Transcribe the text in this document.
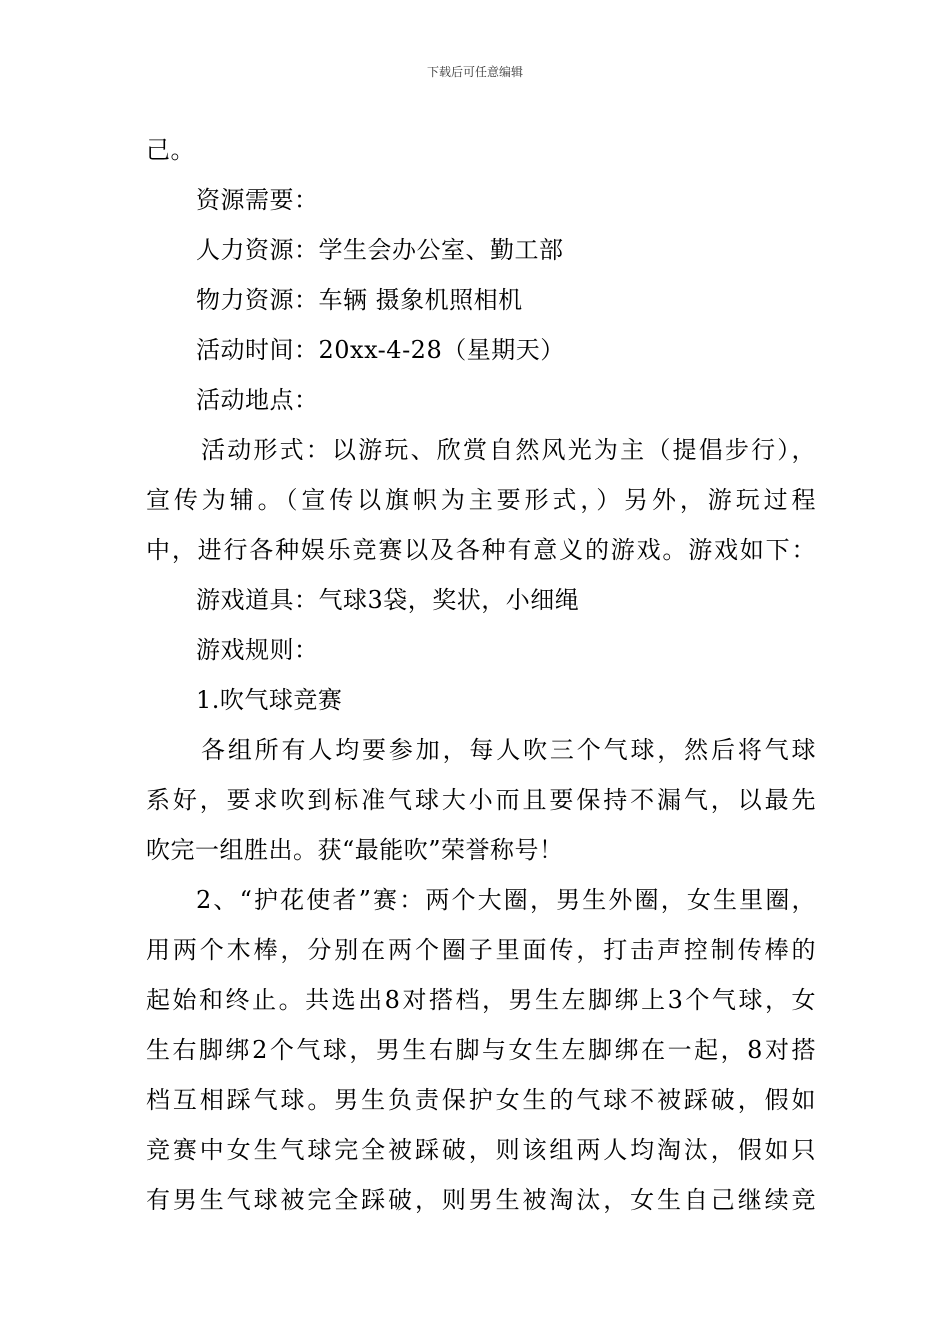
下载后可任意编辑
己。
资源需要：
人力资源：学生会办公室、勤工部
物力资源：车辆 摄象机照相机
活动时间：20xx-4-28（星期天）
活动地点：
活动形式：以游玩、欣赏自然风光为主（提倡步行），
宣传为辅。（宣传以旗帜为主要形式，）另外，游玩过程
中，进行各种娱乐竞赛以及各种有意义的游戏。游戏如下：
游戏道具：气球3袋，奖状，小细绳
游戏规则：
1.吹气球竞赛
各组所有人均要参加，每人吹三个气球，然后将气球
系好，要求吹到标准气球大小而且要保持不漏气，以最先
吹完一组胜出。获“最能吹”荣誉称号！
2、“护花使者”赛：两个大圈，男生外圈，女生里圈，
用两个木棒，分别在两个圈子里面传，打击声控制传棒的
起始和终止。共选出8对搭档，男生左脚绑上3个气球，女
生右脚绑2个气球，男生右脚与女生左脚绑在一起，8对搭
档互相踩气球。男生负责保护女生的气球不被踩破，假如
竞赛中女生气球完全被踩破，则该组两人均淘汰，假如只
有男生气球被完全踩破，则男生被淘汰，女生自己继续竞
